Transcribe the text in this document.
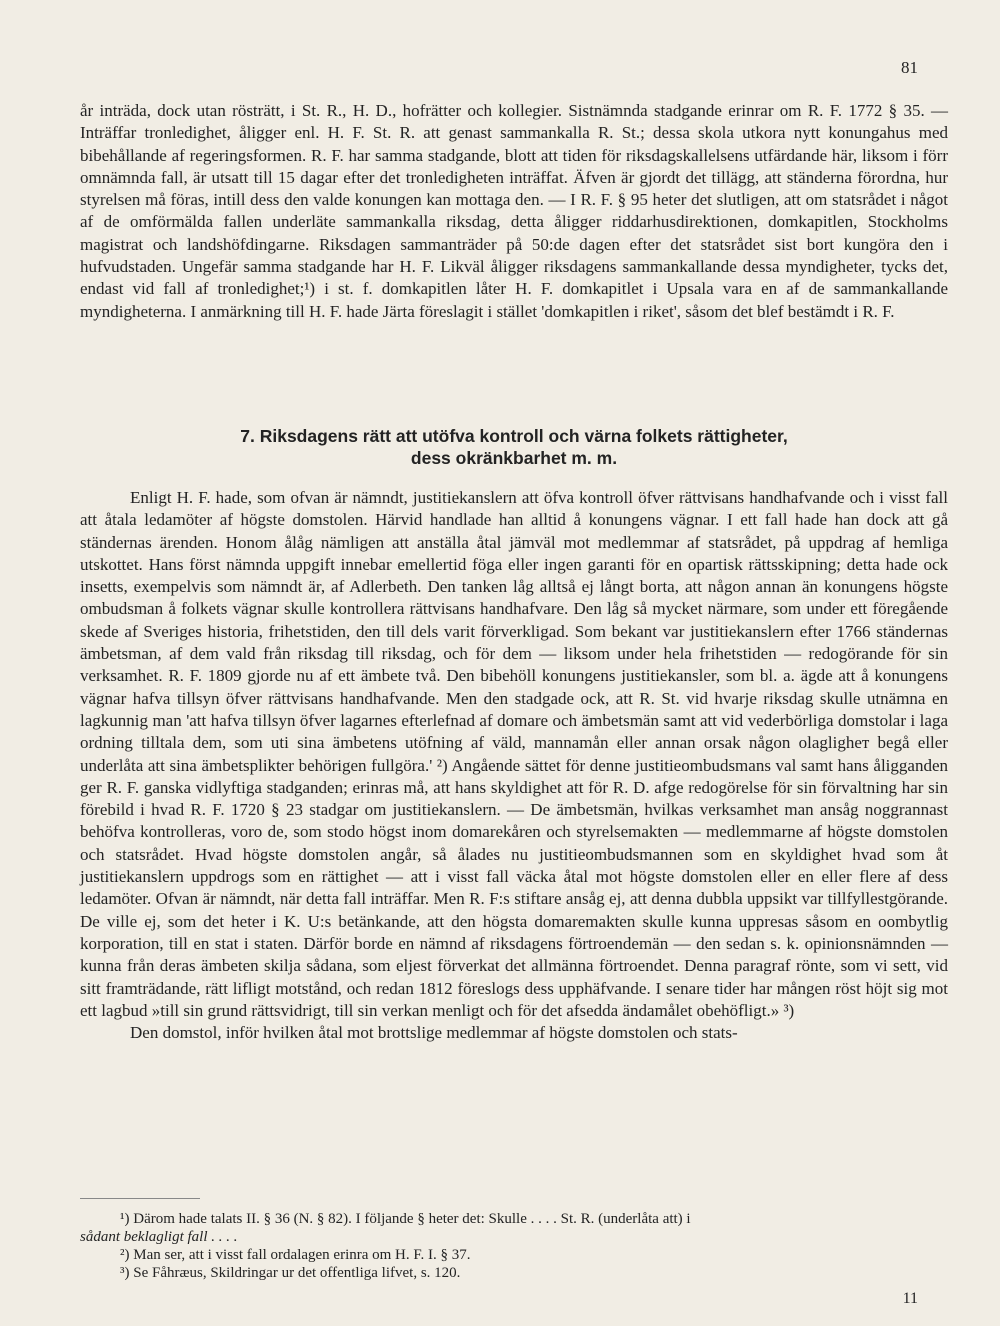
81

år inträda, dock utan rösträtt, i St. R., H. D., hofrätter och kollegier. Sistnämnda stadgande erinrar om R. F. 1772 § 35. — Inträffar tronledighet, åligger enl. H. F. St. R. att genast sammankalla R. St.; dessa skola utkora nytt konungahus med bibehållande af regeringsformen. R. F. har samma stadgande, blott att tiden för riksdagskallelsens utfärdande här, liksom i förr omnämnda fall, är utsatt till 15 dagar efter det tronledigheten inträffat. Äfven är gjordt det tillägg, att ständerna förordna, hur styrelsen må föras, intill dess den valde konungen kan mottaga den. — I R. F. § 95 heter det slutligen, att om statsrådet i något af de omförmälda fallen underläte sammankalla riksdag, detta åligger riddarhusdirektionen, domkapitlen, Stockholms magistrat och landshöfdingarne. Riksdagen sammanträder på 50:de dagen efter det statsrådet sist bort kungöra den i hufvudstaden. Ungefär samma stadgande har H. F. Likväl åligger riksdagens sammankallande dessa myndigheter, tycks det, endast vid fall af tronledighet;¹) i st. f. domkapitlen låter H. F. domkapitlet i Upsala vara en af de sammankallande myndigheterna. I anmärkning till H. F. hade Järta föreslagit i stället 'domkapitlen i riket', såsom det blef bestämdt i R. F.

7. Riksdagens rätt att utöfva kontroll och värna folkets rättigheter,
dess okränkbarhet m. m.

Enligt H. F. hade, som ofvan är nämndt, justitiekanslern att öfva kontroll öfver rättvisans handhafvande och i visst fall att åtala ledamöter af högste domstolen. Härvid handlade han alltid å konungens vägnar. I ett fall hade han dock att gå ständernas ärenden. Honom ålåg nämligen att anställa åtal jämväl mot medlemmar af statsrådet, på uppdrag af hemliga utskottet. Hans först nämnda uppgift innebar emellertid föga eller ingen garanti för en opartisk rättsskipning; detta hade ock insetts, exempelvis som nämndt är, af Adlerbeth. Den tanken låg alltså ej långt borta, att någon annan än konungens högste ombudsman å folkets vägnar skulle kontrollera rättvisans handhafvare. Den låg så mycket närmare, som under ett föregående skede af Sveriges historia, frihetstiden, den till dels varit förverkligad. Som bekant var justitiekanslern efter 1766 ständernas ämbetsman, af dem vald från riksdag till riksdag, och för dem — liksom under hela frihetstiden — redogörande för sin verksamhet. R. F. 1809 gjorde nu af ett ämbete två. Den bibehöll konungens justitiekansler, som bl. a. ägde att å konungens vägnar hafva tillsyn öfver rättvisans handhafvande. Men den stadgade ock, att R. St. vid hvarje riksdag skulle utnämna en lagkunnig man 'att hafva tillsyn öfver lagarnes efterlefnad af domare och ämbetsmän samt att vid vederbörliga domstolar i laga ordning tilltala dem, som uti sina ämbetens utöfning af väld, mannamån eller annan orsak någon olagligheт begå eller underlåta att sina ämbetsplikter behörigen fullgöra.' ²) Angående sättet för denne justitieombudsmans val samt hans åligganden ger R. F. ganska vidlyftiga stadganden; erinras må, att hans skyldighet att för R. D. afge redogörelse för sin förvaltning har sin förebild i hvad R. F. 1720 § 23 stadgar om justitiekanslern. — De ämbetsmän, hvilkas verksamhet man ansåg noggrannast behöfva kontrolleras, voro de, som stodo högst inom domarekåren och styrelsemakten — medlemmarne af högste domstolen och statsrådet. Hvad högste domstolen angår, så ålades nu justitieombudsmannen som en skyldighet hvad som åt justitiekanslern uppdrogs som en rättighet — att i visst fall väcka åtal mot högste domstolen eller en eller flere af dess ledamöter. Ofvan är nämndt, när detta fall inträffar. Men R. F:s stiftare ansåg ej, att denna dubbla uppsikt var tillfyllestgörande. De ville ej, som det heter i K. U:s betänkande, att den högsta domaremakten skulle kunna uppresas såsom en oombytlig korporation, till en stat i staten. Därför borde en nämnd af riksdagens förtroendemän — den sedan s. k. opinionsnämnden — kunna från deras ämbeten skilja sådana, som eljest förverkat det allmänna förtroendet. Denna paragraf rönte, som vi sett, vid sitt framträdande, rätt lifligt motstånd, och redan 1812 föreslogs dess upphäfvande. I senare tider har mången röst höjt sig mot ett lagbud »till sin grund rättsvidrigt, till sin verkan menligt och för det afsedda ändamålet obehöfligt.» ³)

Den domstol, inför hvilken åtal mot brottslige medlemmar af högste domstolen och stats-

¹) Därom hade talats II. § 36 (N. § 82). I följande § heter det: Skulle . . . . St. R. (underlåta att) i

sådant beklagligt fall . . . .

²) Man ser, att i visst fall ordalagen erinra om H. F. I. § 37.

³) Se Fåhræus, Skildringar ur det offentliga lifvet, s. 120.

11
